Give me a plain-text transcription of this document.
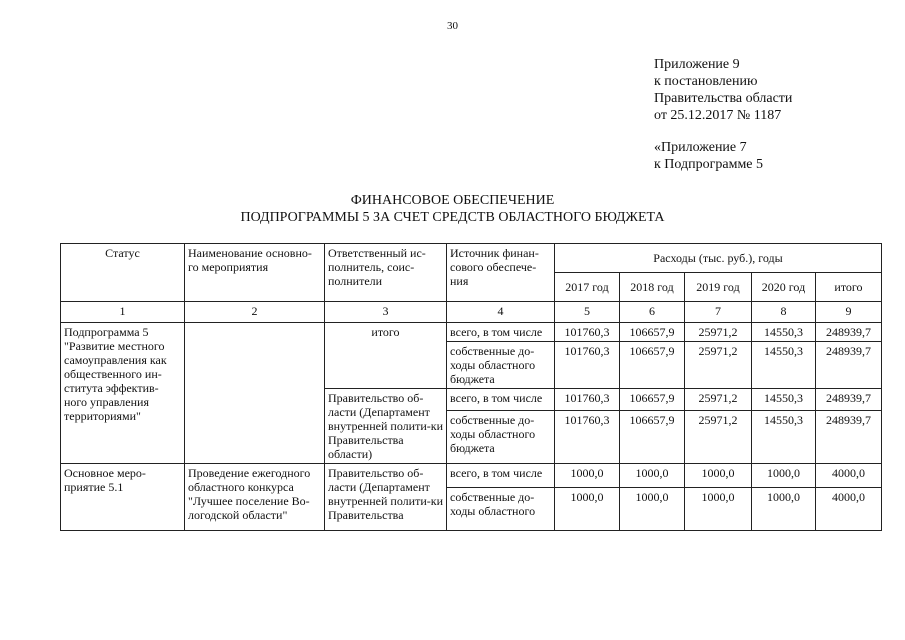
30
Приложение 9
к постановлению
Правительства области
от 25.12.2017 № 1187
«Приложение 7
к Подпрограмме 5
ФИНАНСОВОЕ ОБЕСПЕЧЕНИЕ
ПОДПРОГРАММЫ 5 ЗА СЧЕТ СРЕДСТВ ОБЛАСТНОГО БЮДЖЕТА
Статус	Наименование основно-го мероприятия	Ответственный ис-полнитель, соис-полнители	Источник финан-сового обеспече-ния	Расходы (тыс. руб.), годы				
				2017 год	2018 год	2019 год	2020 год	итого
1	2	3	4	5	6	7	8	9
Подпрограмма 5 "Развитие местного самоуправления как общественного ин-ститута эффектив-ного управления территориями"		итого	всего, в том числе	101760,3	106657,9	25971,2	14550,3	248939,7
			собственные до-ходы областного бюджета	101760,3	106657,9	25971,2	14550,3	248939,7
		Правительство об-ласти (Департамент внутренней полити-ки Правительства области)	всего, в том числе	101760,3	106657,9	25971,2	14550,3	248939,7
			собственные до-ходы областного бюджета	101760,3	106657,9	25971,2	14550,3	248939,7

Основное меро-приятие 5.1	Проведение ежегодного областного конкурса "Лучшее поселение Во-логодской области"	Правительство об-ласти (Департамент внутренней полити-ки Правительства	всего, в том числе	1000,0	1000,0	1000,0	1000,0	4000,0
			собственные до-ходы областного	1000,0	1000,0	1000,0	1000,0	4000,0
